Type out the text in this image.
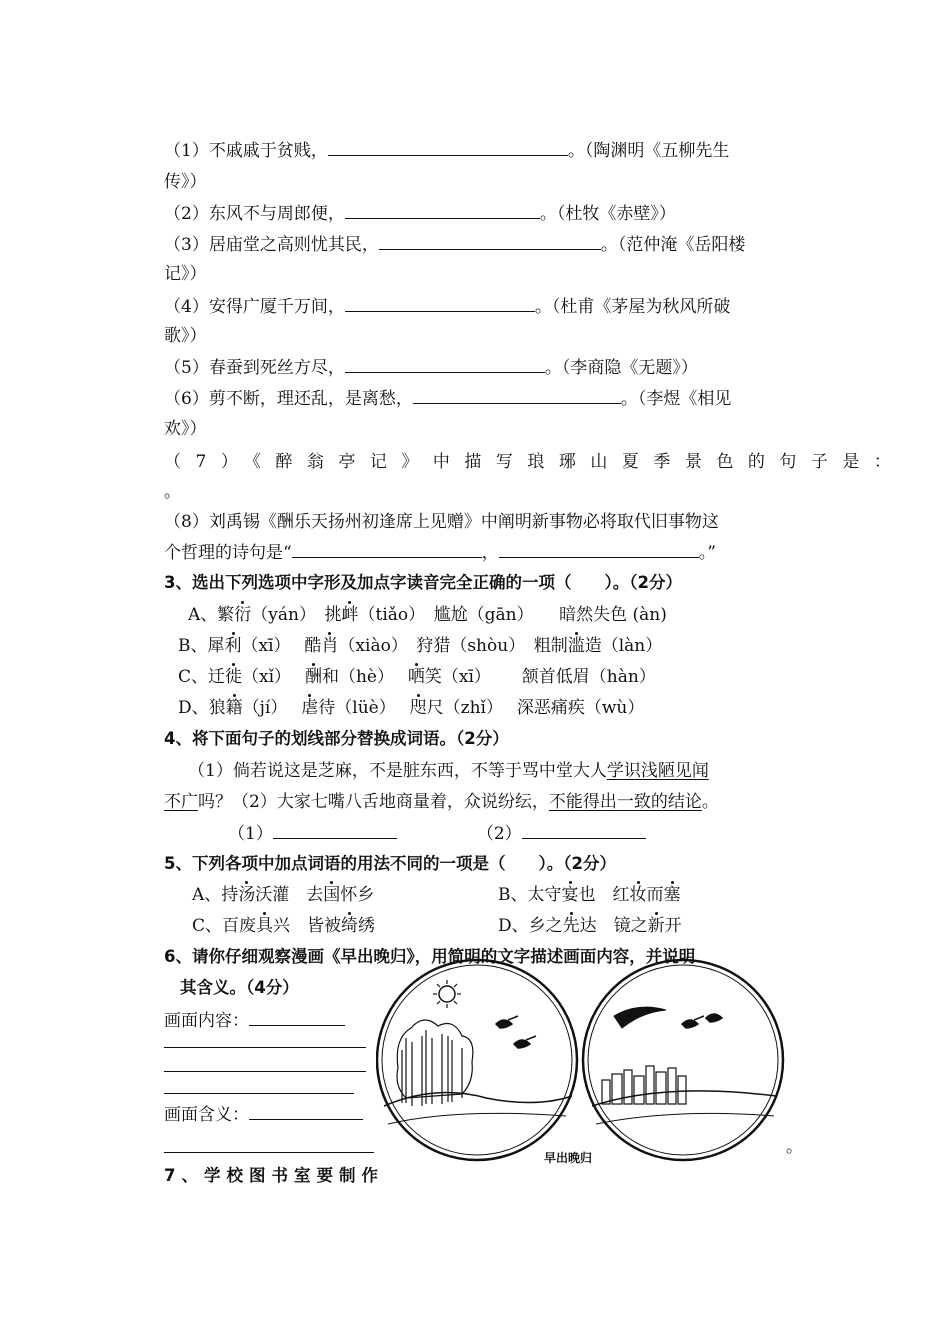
（1）不戚戚于贫贱，	。（陶渊明《五柳先生
传》）
（2）东风不与周郎便，	。（杜牧《赤壁》）
（3）居庙堂之高则忧其民，	。（范仲淹《岳阳楼
记》）
（4）安得广厦千万间，	。（杜甫《茅屋为秋风所破
歌》）
（5）春蚕到死丝方尽，	。（李商隐《无题》）
（6）剪不断，理还乱，是离愁，	。（李煜《相见
欢》）
（7）《醉翁亭记》中描写琅琊山夏季景色的句子是：
。
（8）刘禹锡《酬乐天扬州初逢席上见赠》中阐明新事物必将取代旧事物这
个哲理的诗句是“	，	。”
3、选出下列选项中字形及加点字读音完全正确的一项（　　）。（2分）
A、繁衍（yán）　挑衅（tiǎo）　尴尬（gān）　　暗然失色 (àn)
B、犀利（xī）　 酷肖（xiào）　狩猎（shòu）　粗制滥造（làn）
C、迁徙（xǐ）　 酬和（hè）　 哂笑（xī）　　 颔首低眉（hàn）
D、狼籍（jí）　 虐待（lüè）　 咫尺（zhǐ）　 深恶痛疾（wù）
4、将下面句子的划线部分替换成词语。（2分）
（1）倘若说这是芝麻，不是脏东西，不等于骂中堂大人学识浅陋见闻
不广吗？（2）大家七嘴八舌地商量着，众说纷纭，不能得出一致的结论。
（1）	（2）
5、下列各项中加点词语的用法不同的一项是（　　）。（2分）
A、持汤沃灌　去国怀乡	B、太守宴也　红妆而塞
C、百废具兴　皆被绮绣	D、乡之先达　镜之新开
6、请你仔细观察漫画《早出晚归》，用简明的文字描述画面内容，并说明
其含义。（4分）
画面内容：
画面含义：
早出晚归
。
7、学校图书室要制作
